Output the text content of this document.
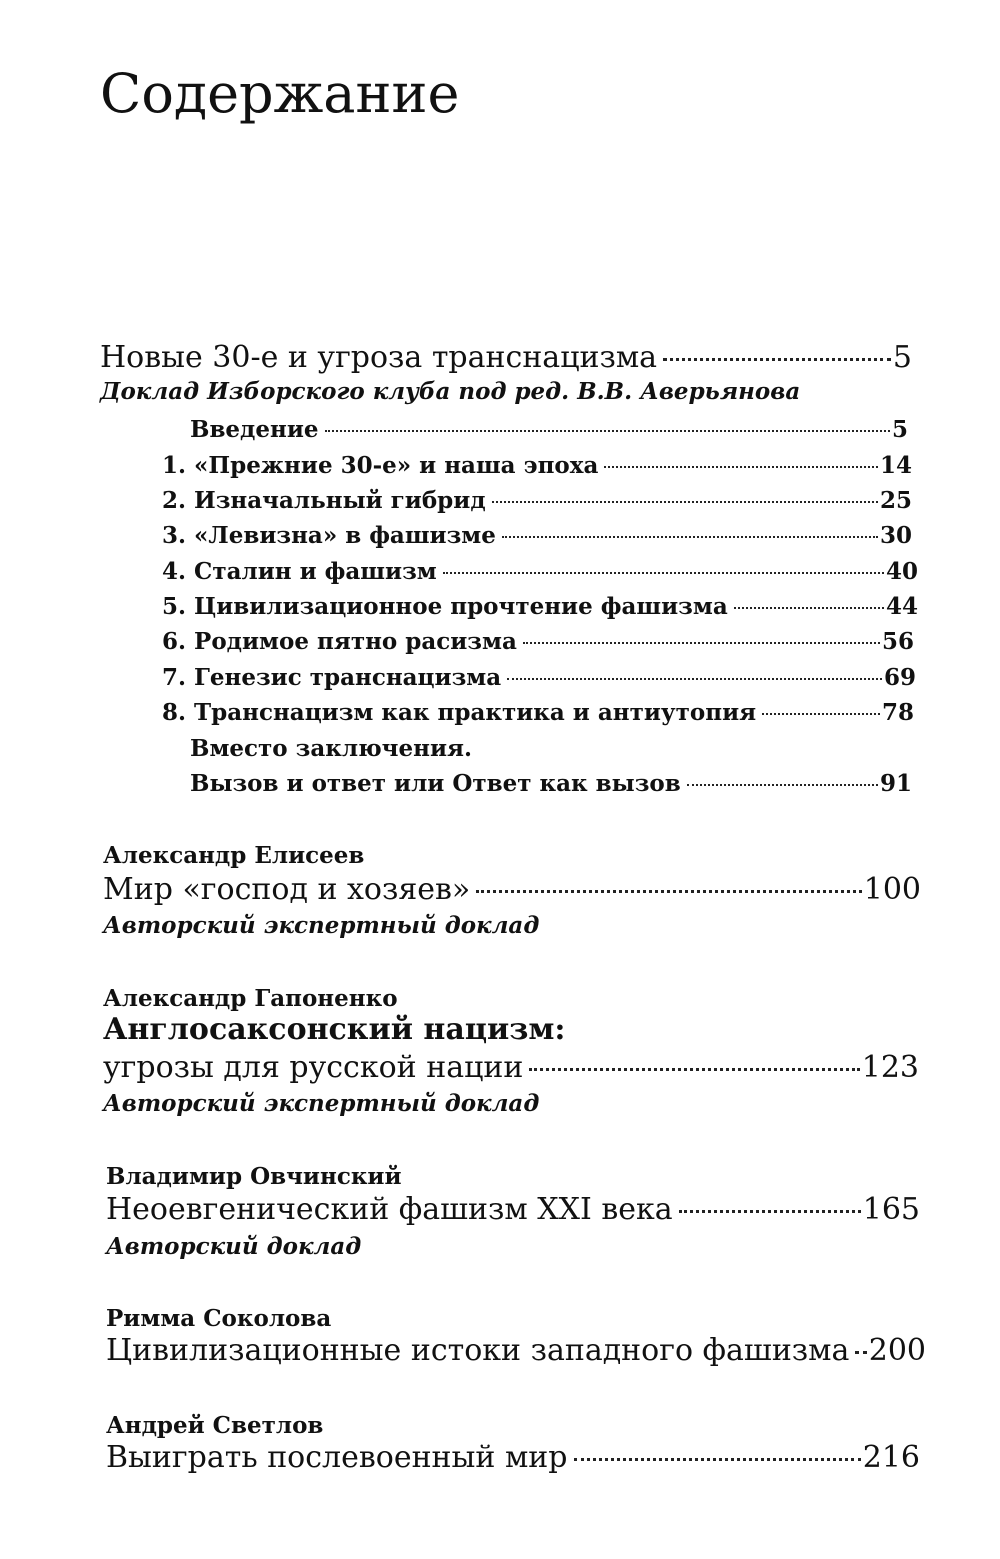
Содержание
Новые 30-е и угроза транснацизма	5
Доклад Изборского клуба под ред. В.В. Аверьянова
Введение	5
1. «Прежние 30-е» и наша эпоха	14
2. Изначальный гибрид	25
3. «Левизна» в фашизме	30
4. Сталин и фашизм	40
5. Цивилизационное прочтение фашизма	44
6. Родимое пятно расизма	56
7. Генезис транснацизма	69
8. Транснацизм как практика и антиутопия	78
Вместо заключения.
Вызов и ответ или Ответ как вызов	91
Александр Елисеев
Мир «господ и хозяев»	100
Авторский экспертный доклад
Александр Гапоненко
Англосаксонский нацизм:
угрозы для русской нации	123
Авторский экспертный доклад
Владимир Овчинский
Неоевгенический фашизм XXI века	165
Авторский доклад
Римма Соколова
Цивилизационные истоки западного фашизма 200
Андрей Светлов
Выиграть послевоенный мир	216
